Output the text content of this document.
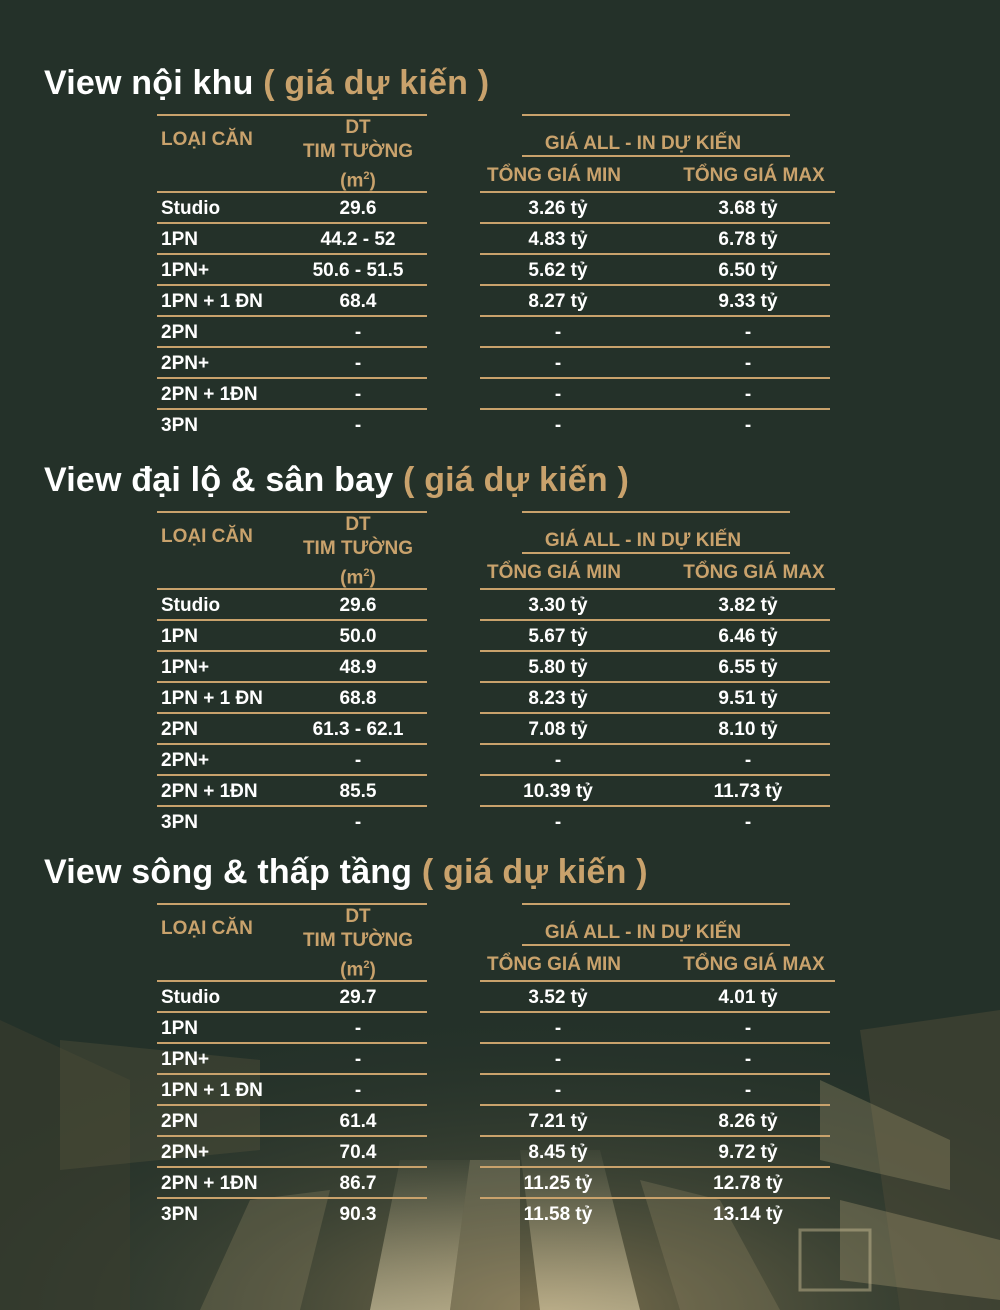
View nội khu ( giá dự kiến )
LOẠI CĂN
DT
TIM TƯỜNG
$(m^2)$
GIÁ ALL - IN DỰ KIẾN
TỔNG GIÁ MIN	TỔNG GIÁ MAX
Studio	29.6	3.26 tỷ	3.68 tỷ
1PN	44.2 - 52	4.83 tỷ	6.78 tỷ
1PN+	50.6 - 51.5	5.62 tỷ	6.50 tỷ
1PN + 1 ĐN	68.4	8.27 tỷ	9.33 tỷ
2PN	-	-	-
2PN+	-	-	-
2PN + 1ĐN	-	-	-
3PN	-	-	-
View đại lộ & sân bay ( giá dự kiến )
LOẠI CĂN
DT
TIM TƯỜNG
$(m^2)$
GIÁ ALL - IN DỰ KIẾN
TỔNG GIÁ MIN	TỔNG GIÁ MAX
Studio	29.6	3.30 tỷ	3.82 tỷ
1PN	50.0	5.67 tỷ	6.46 tỷ
1PN+	48.9	5.80 tỷ	6.55 tỷ
1PN + 1 ĐN	68.8	8.23 tỷ	9.51 tỷ
2PN	61.3 - 62.1	7.08 tỷ	8.10 tỷ
2PN+	-	-	-
2PN + 1ĐN	85.5	10.39 tỷ	11.73 tỷ
3PN	-	-	-
View sông & thấp tầng ( giá dự kiến )
LOẠI CĂN
DT
TIM TƯỜNG
$(m^2)$
GIÁ ALL - IN DỰ KIẾN
TỔNG GIÁ MIN	TỔNG GIÁ MAX
Studio	29.7	3.52 tỷ	4.01 tỷ
1PN	-	-	-
1PN+	-	-	-
1PN + 1 ĐN	-	-	-
2PN	61.4	7.21 tỷ	8.26 tỷ
2PN+	70.4	8.45 tỷ	9.72 tỷ
2PN + 1ĐN	86.7	11.25 tỷ	12.78 tỷ
3PN	90.3	11.58 tỷ	13.14 tỷ
